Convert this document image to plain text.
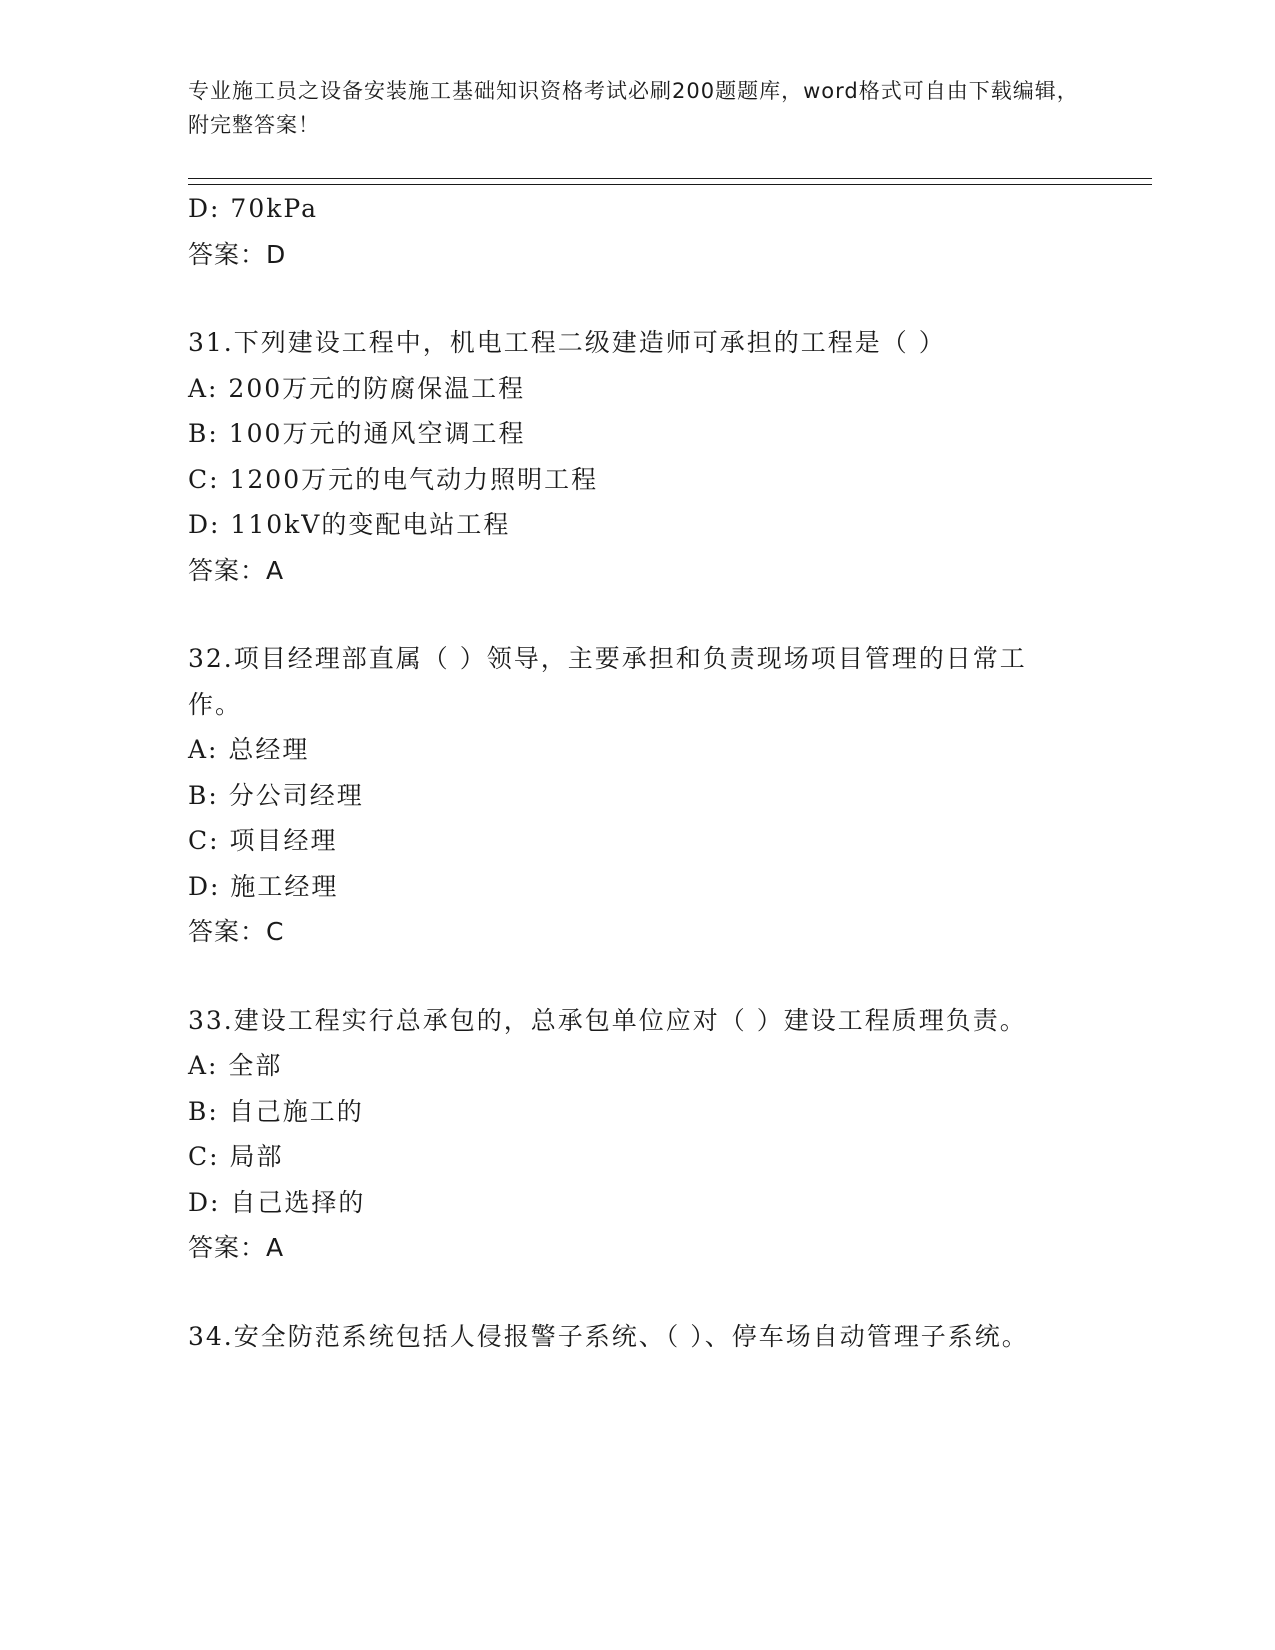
专业施工员之设备安装施工基础知识资格考试必刷200题题库，word格式可自由下载编辑，附完整答案！
D: 70kPa
答案：D
31.下列建设工程中，机电工程二级建造师可承担的工程是（ ）
A: 200万元的防腐保温工程
B: 100万元的通风空调工程
C: 1200万元的电气动力照明工程
D: 110kV的变配电站工程
答案：A
32.项目经理部直属（ ）领导，主要承担和负责现场项目管理的日常工作。
A: 总经理
B: 分公司经理
C: 项目经理
D: 施工经理
答案：C
33.建设工程实行总承包的，总承包单位应对（ ）建设工程质理负责。
A: 全部
B: 自己施工的
C: 局部
D: 自己选择的
答案：A
34.安全防范系统包括人侵报警子系统、（ ）、停车场自动管理子系统。
